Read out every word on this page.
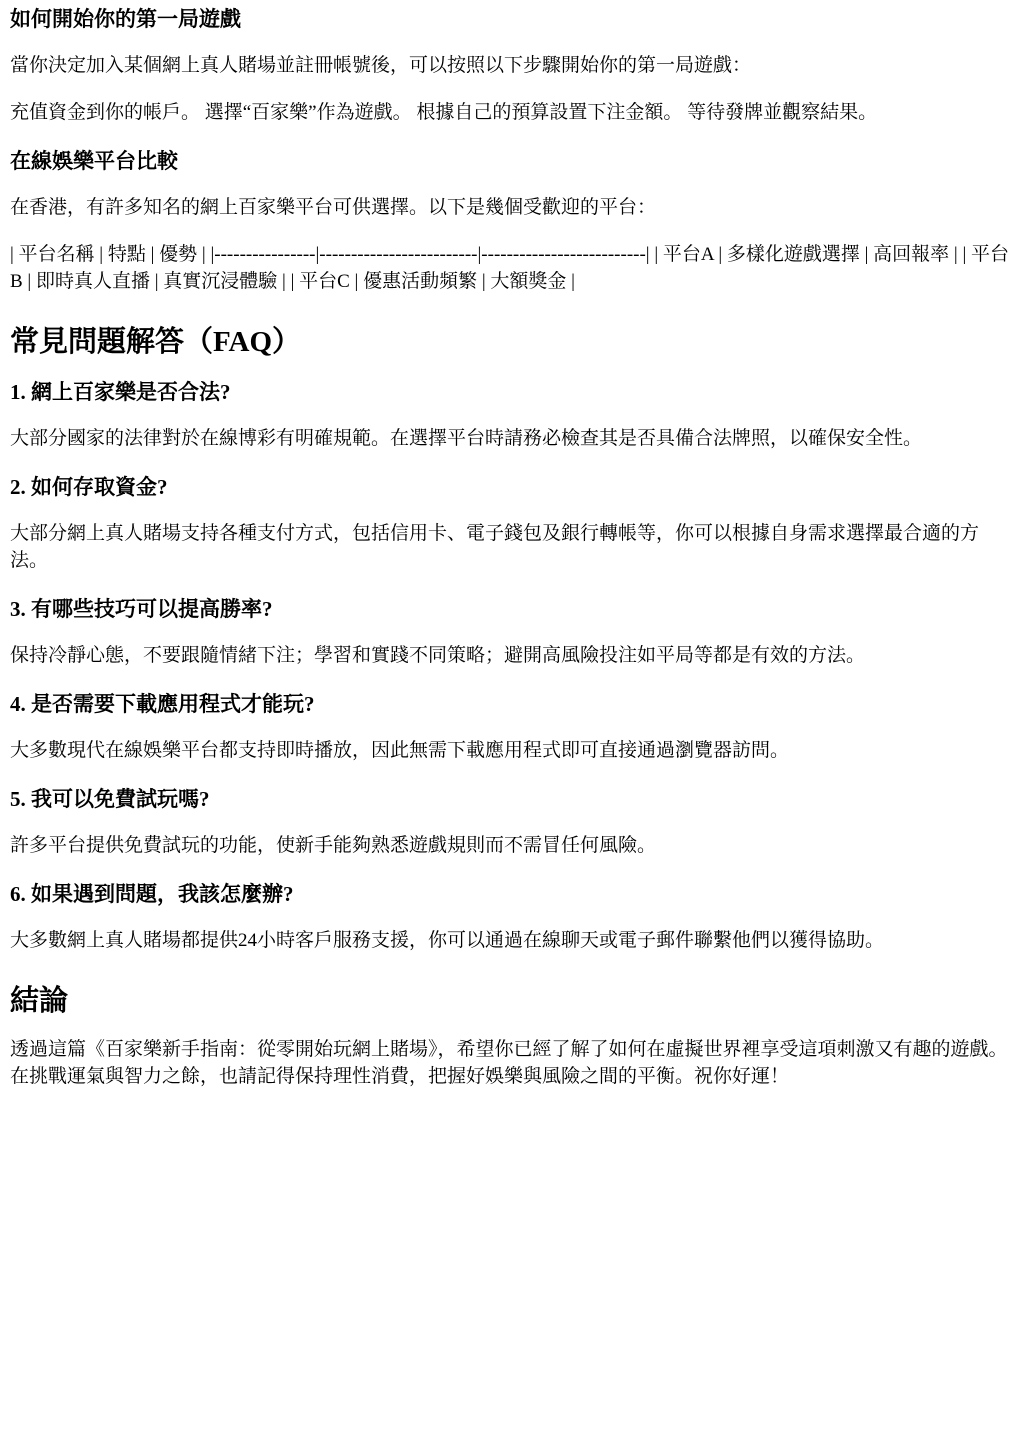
如何開始你的第一局遊戲

當你決定加入某個網上真人賭場並註冊帳號後，可以按照以下步驟開始你的第一局遊戲：

充值資金到你的帳戶。 選擇“百家樂”作為遊戲。 根據自己的預算設置下注金額。 等待發牌並觀察結果。

在線娛樂平台比較

在香港，有許多知名的網上百家樂平台可供選擇。以下是幾個受歡迎的平台：

| 平台名稱 | 特點 | 優勢 | |----------------|-------------------------|--------------------------| | 平台A | 多樣化遊戲選擇 | 高回報率 | | 平台B | 即時真人直播 | 真實沉浸體驗 | | 平台C | 優惠活動頻繁 | 大額獎金 |

常見問題解答（FAQ）
1. 網上百家樂是否合法?

大部分國家的法律對於在線博彩有明確規範。在選擇平台時請務必檢查其是否具備合法牌照，以確保安全性。

2. 如何存取資金?

大部分網上真人賭場支持各種支付方式，包括信用卡、電子錢包及銀行轉帳等，你可以根據自身需求選擇最合適的方法。

3. 有哪些技巧可以提高勝率?

保持冷靜心態，不要跟隨情緒下注；學習和實踐不同策略；避開高風險投注如平局等都是有效的方法。

4. 是否需要下載應用程式才能玩?

大多數現代在線娛樂平台都支持即時播放，因此無需下載應用程式即可直接通過瀏覽器訪問。

5. 我可以免費試玩嗎?

許多平台提供免費試玩的功能，使新手能夠熟悉遊戲規則而不需冒任何風險。

6. 如果遇到問題，我該怎麼辦?

大多數網上真人賭場都提供24小時客戶服務支援，你可以通過在線聊天或電子郵件聯繫他們以獲得協助。

結論

透過這篇《百家樂新手指南：從零開始玩網上賭場》，希望你已經了解了如何在虛擬世界裡享受這項刺激又有趣的遊戲。在挑戰運氣與智力之餘，也請記得保持理性消費，把握好娛樂與風險之間的平衡。祝你好運！
